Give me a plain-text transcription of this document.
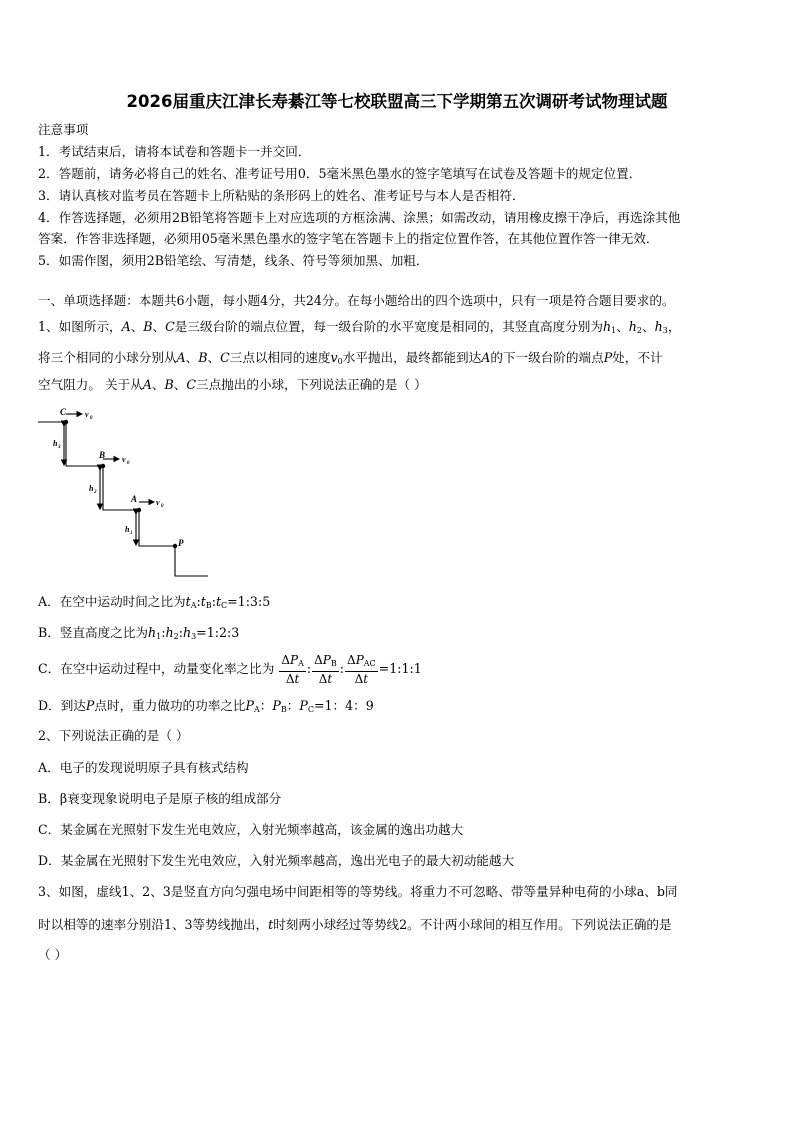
2026届重庆江津长寿綦江等七校联盟高三下学期第五次调研考试物理试题
注意事项
1．考试结束后，请将本试卷和答题卡一并交回．
2．答题前，请务必将自己的姓名、准考证号用0．5毫米黑色墨水的签字笔填写在试卷及答题卡的规定位置．
3．请认真核对监考员在答题卡上所粘贴的条形码上的姓名、准考证号与本人是否相符．
4．作答选择题，必须用2B铅笔将答题卡上对应选项的方框涂满、涂黑；如需改动，请用橡皮擦干净后，再选涂其他
答案．作答非选择题，必须用05毫米黑色墨水的签字笔在答题卡上的指定位置作答，在其他位置作答一律无效．
5．如需作图，须用2B铅笔绘、写清楚，线条、符号等须加黑、加粗．
一、单项选择题：本题共6小题，每小题4分，共24分。在每小题给出的四个选项中，只有一项是符合题目要求的。
1、如图所示，A、B、C是三级台阶的端点位置，每一级台阶的水平宽度是相同的，其竖直高度分别为$h_1$、$h_2$、$h_3$，
将三个相同的小球分别从A、B、C三点以相同的速度$v_0$水平抛出，最终都能到达A的下一级台阶的端点P处，不计
空气阻力。 关于从A、B、C三点抛出的小球，下列说法正确的是（ ）
C v 0
h 3
B v 0
h 2
A v 0
h 1
P
A．在空中运动时间之比为$t_A:t_B:t_C=1:3:5$
B．竖直高度之比为$h_1:h_2:h_3=1:2:3$
C．在空中运动过程中，动量变化率之比为 $\frac{\Delta P_A}{\Delta t}$ : $\frac{\Delta P_B}{\Delta t}$ : $\frac{\Delta P_{AC}}{\Delta t}$ =1:1:1
D．到达P点时，重力做功的功率之比$P_A$：$P_B$：$P_C=1$：4：9
2、下列说法正确的是（ ）
A．电子的发现说明原子具有核式结构
B．β衰变现象说明电子是原子核的组成部分
C．某金属在光照射下发生光电效应，入射光频率越高，该金属的逸出功越大
D．某金属在光照射下发生光电效应，入射光频率越高，逸出光电子的最大初动能越大
3、如图，虚线1、2、3是竖直方向匀强电场中间距相等的等势线。将重力不可忽略、带等量异种电荷的小球a、b同
时以相等的速率分别沿1、3等势线抛出，t时刻两小球经过等势线2。不计两小球间的相互作用。下列说法正确的是
（ ）
